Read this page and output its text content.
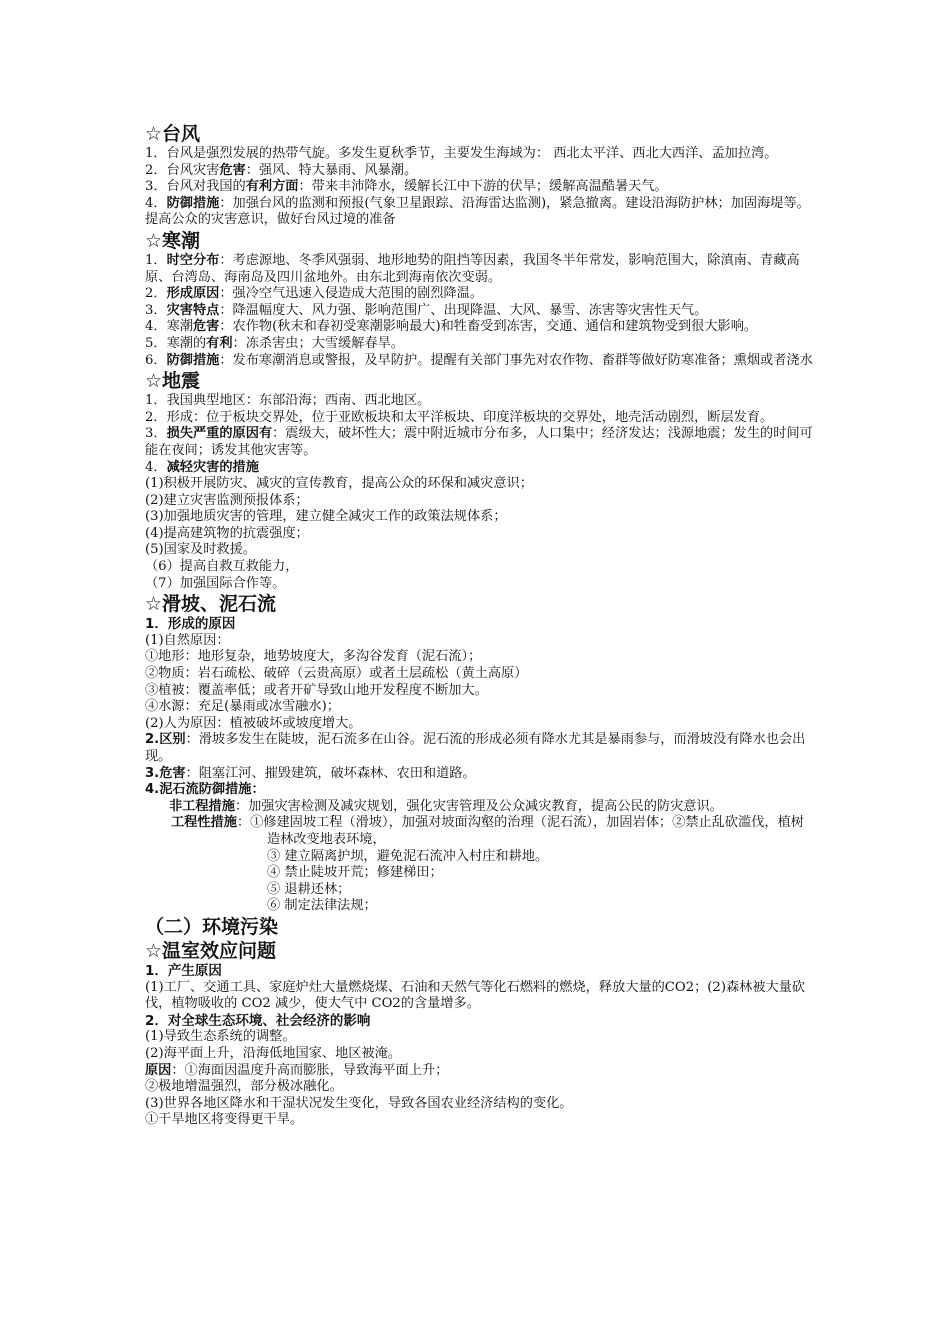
☆台风
1．台风是强烈发展的热带气旋。多发生夏秋季节，主要发生海域为： 西北太平洋、西北大西洋、孟加拉湾。
2．台风灾害危害：强风、特大暴雨、风暴潮。
3．台风对我国的有利方面：带来丰沛降水，缓解长江中下游的伏旱；缓解高温酷暑天气。
4．防御措施：加强台风的监测和预报(气象卫星跟踪、沿海雷达监测)，紧急撤离。建设沿海防护林；加固海堤等。提高公众的灾害意识，做好台风过境的准备
☆寒潮
1．时空分布：考虑源地、冬季风强弱、地形地势的阻挡等因素，我国冬半年常发，影响范围大，除滇南、青藏高原、台湾岛、海南岛及四川盆地外。由东北到海南依次变弱。
2．形成原因：强冷空气迅速入侵造成大范围的剧烈降温。
3．灾害特点：降温幅度大、风力强、影响范围广、出现降温、大风、暴雪、冻害等灾害性天气。
4．寒潮危害：农作物(秋末和春初受寒潮影响最大)和牲畜受到冻害，交通、通信和建筑物受到很大影响。
5．寒潮的有利：冻杀害虫；大雪缓解春旱。
6．防御措施：发布寒潮消息或警报，及早防护。提醒有关部门事先对农作物、畜群等做好防寒准备；熏烟或者浇水
☆地震
1．我国典型地区：东部沿海；西南、西北地区。
2．形成：位于板块交界处，位于亚欧板块和太平洋板块、印度洋板块的交界处，地壳活动剧烈，断层发育。
3．损失严重的原因有：震级大，破坏性大；震中附近城市分布多，人口集中；经济发达；浅源地震；发生的时间可能在夜间；诱发其他灾害等。
4．减轻灾害的措施
(1)积极开展防灾、减灾的宣传教育，提高公众的环保和减灾意识；
(2)建立灾害监测预报体系；
(3)加强地质灾害的管理，建立健全减灾工作的政策法规体系；
(4)提高建筑物的抗震强度；
(5)国家及时救援。
（6）提高自救互救能力，
（7）加强国际合作等。
☆滑坡、泥石流
1．形成的原因
(1)自然原因：
①地形：地形复杂，地势坡度大，多沟谷发育（泥石流）；
②物质：岩石疏松、破碎（云贵高原）或者土层疏松（黄土高原）
③植被：覆盖率低；或者开矿导致山地开发程度不断加大。
④水源：充足(暴雨或冰雪融水)；
(2)人为原因：植被破坏或坡度增大。
2.区别：滑坡多发生在陡坡，泥石流多在山谷。泥石流的形成必须有降水尤其是暴雨参与，而滑坡没有降水也会出现。
3.危害：阻塞江河、摧毁建筑，破坏森林、农田和道路。
4.泥石流防御措施：
非工程措施：加强灾害检测及减灾规划，强化灾害管理及公众减灾教育，提高公民的防灾意识。
工程性措施：①修建固坡工程（滑坡），加强对坡面沟壑的治理（泥石流），加固岩体；②禁止乱砍滥伐，植树造林改变地表环境，
③ 建立隔离护坝，避免泥石流冲入村庄和耕地。
④ 禁止陡坡开荒；修建梯田；
⑤ 退耕还林；
⑥ 制定法律法规；
（二）环境污染
☆温室效应问题
1．产生原因
(1)工厂、交通工具、家庭炉灶大量燃烧煤、石油和天然气等化石燃料的燃烧，释放大量的CO2；(2)森林被大量砍伐，植物吸收的 CO2 减少，使大气中 CO2的含量增多。
2．对全球生态环境、社会经济的影响
(1)导致生态系统的调整。
(2)海平面上升，沿海低地国家、地区被淹。
原因：①海面因温度升高而膨胀，导致海平面上升；
②极地增温强烈，部分极冰融化。
(3)世界各地区降水和干湿状况发生变化，导致各国农业经济结构的变化。
①干旱地区将变得更干旱。
